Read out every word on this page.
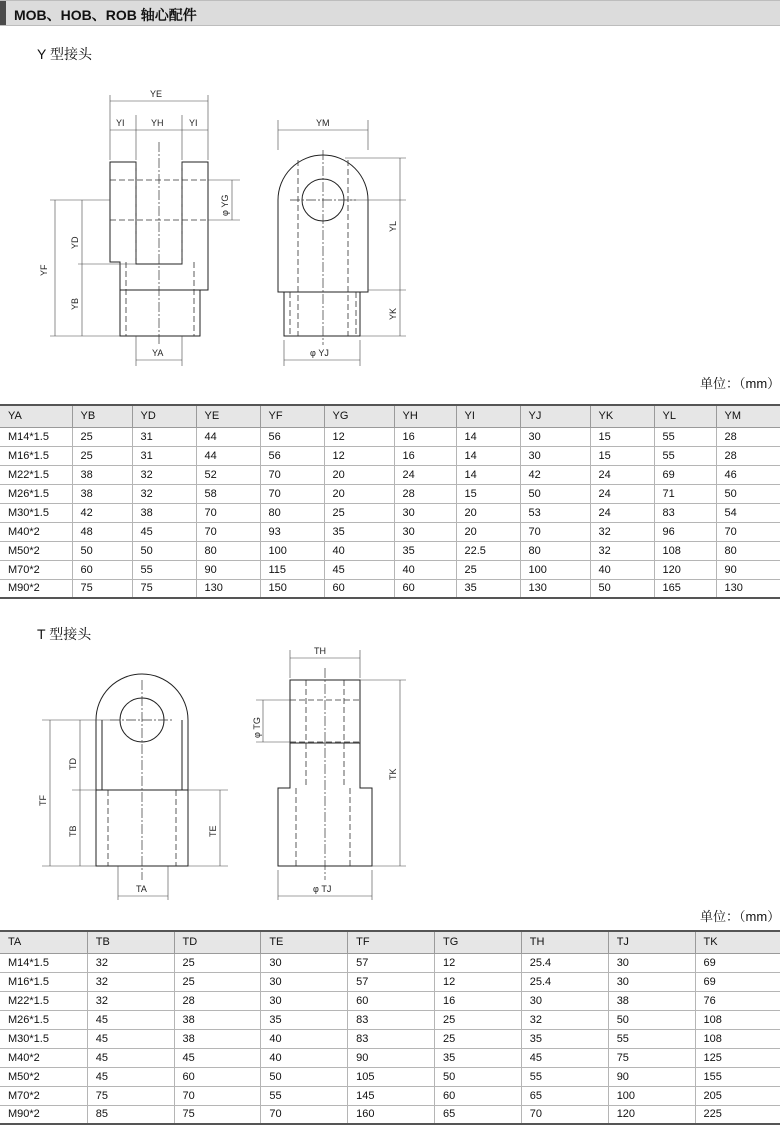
MOB、HOB、ROB 轴心配件
Y 型接头
YE
YI	YH	YI
φ YG
YF
YD
YB
YA
YM
YL
YK
φ YJ
单位：（mm）
YA	YB	YD	YE	YF	YG	YH	YI	YJ	YK	YL	YM
M14*1.5	25	31	44	56	12	16	14	30	15	55	28
M16*1.5	25	31	44	56	12	16	14	30	15	55	28
M22*1.5	38	32	52	70	20	24	14	42	24	69	46
M26*1.5	38	32	58	70	20	28	15	50	24	71	50
M30*1.5	42	38	70	80	25	30	20	53	24	83	54
M40*2	48	45	70	93	35	30	20	70	32	96	70
M50*2	50	50	80	100	40	35	22.5	80	32	108	80
M70*2	60	55	90	115	45	40	25	100	40	120	90
M90*2	75	75	130	150	60	60	35	130	50	165	130
T 型接头
TH
φ TG
TD
TF
TB	TE
TK
TA	φ TJ
单位：（mm）
TA	TB	TD	TE	TF	TG	TH	TJ	TK
M14*1.5	32	25	30	57	12	25.4	30	69
M16*1.5	32	25	30	57	12	25.4	30	69
M22*1.5	32	28	30	60	16	30	38	76
M26*1.5	45	38	35	83	25	32	50	108
M30*1.5	45	38	40	83	25	35	55	108
M40*2	45	45	40	90	35	45	75	125
M50*2	45	60	50	105	50	55	90	155
M70*2	75	70	55	145	60	65	100	205
M90*2	85	75	70	160	65	70	120	225
